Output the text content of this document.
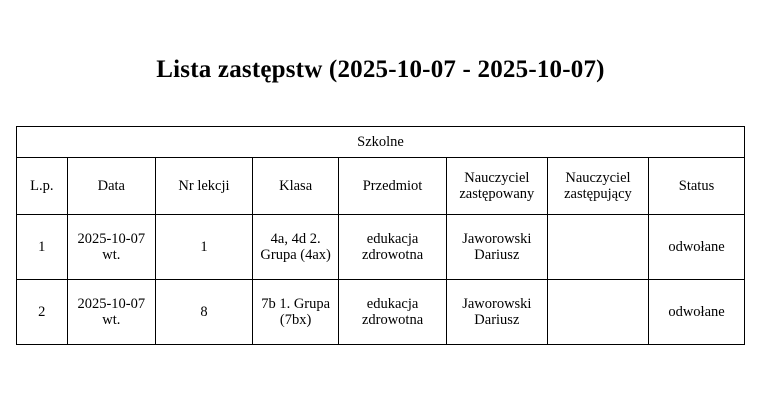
Lista zastępstw (2025-10-07 - 2025-10-07)
Szkolne							
L.p.	Data	Nr lekcji	Klasa	Przedmiot	Nauczyciel zastępowany	Nauczyciel zastępujący	Status
1	2025-10-07 wt.	1	4a, 4d 2. Grupa (4ax)	edukacja zdrowotna	Jaworowski Dariusz		odwołane
2	2025-10-07 wt.	8	7b 1. Grupa (7bx)	edukacja zdrowotna	Jaworowski Dariusz		odwołane
